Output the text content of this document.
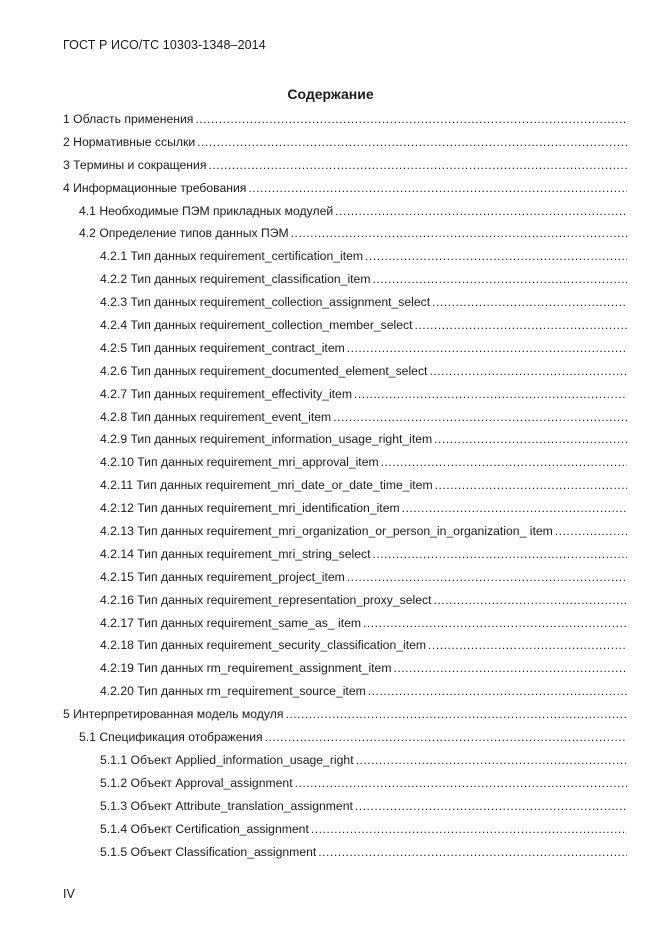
ГОСТ Р ИСО/ТС 10303-1348–2014
Содержание
1 Область применения
.....
2 Нормативные ссылки
.....
3 Термины и сокращения
.....
4 Информационные требования
.....
4.1 Необходимые ПЭМ прикладных модулей
.....
4.2 Определение типов данных ПЭМ
.....
4.2.1 Тип данных requirement_certification_item
.....
4.2.2 Тип данных requirement_classification_item
.....
4.2.3 Тип данных requirement_collection_assignment_select
.....
4.2.4 Тип данных requirement_collection_member_select
.....
4.2.5 Тип данных requirement_contract_item
.....
4.2.6 Тип данных requirement_documented_element_select
.....
4.2.7 Тип данных requirement_effectivity_item
.....
4.2.8 Тип данных requirement_event_item
.....
4.2.9 Тип данных requirement_information_usage_right_item
.....
4.2.10 Тип данных requirement_mri_approval_item
.....
4.2.11 Тип данных requirement_mri_date_or_date_time_item
.....
4.2.12 Тип данных requirement_mri_identification_item
.....
4.2.13 Тип данных requirement_mri_organization_or_person_in_organization_ item
.....
4.2.14 Тип данных requirement_mri_string_select
.....
4.2.15 Тип данных requirement_project_item
.....
4.2.16 Тип данных requirement_representation_proxy_select
.....
4.2.17 Тип данных requirement_same_as_ item
.....
4.2.18 Тип данных requirement_security_classification_item
.....
4.2.19 Тип данных rm_requirement_assignment_item
.....
4.2.20 Тип данных rm_requirement_source_item
.....
5 Интерпретированная модель модуля
.....
5.1 Спецификация отображения
.....
5.1.1 Объект Applied_information_usage_right
.....
5.1.2 Объект Approval_assignment
.....
5.1.3 Объект Attribute_translation_assignment
.....
5.1.4 Объект Certification_assignment
.....
5.1.5 Объект Classification_assignment
.....
IV
